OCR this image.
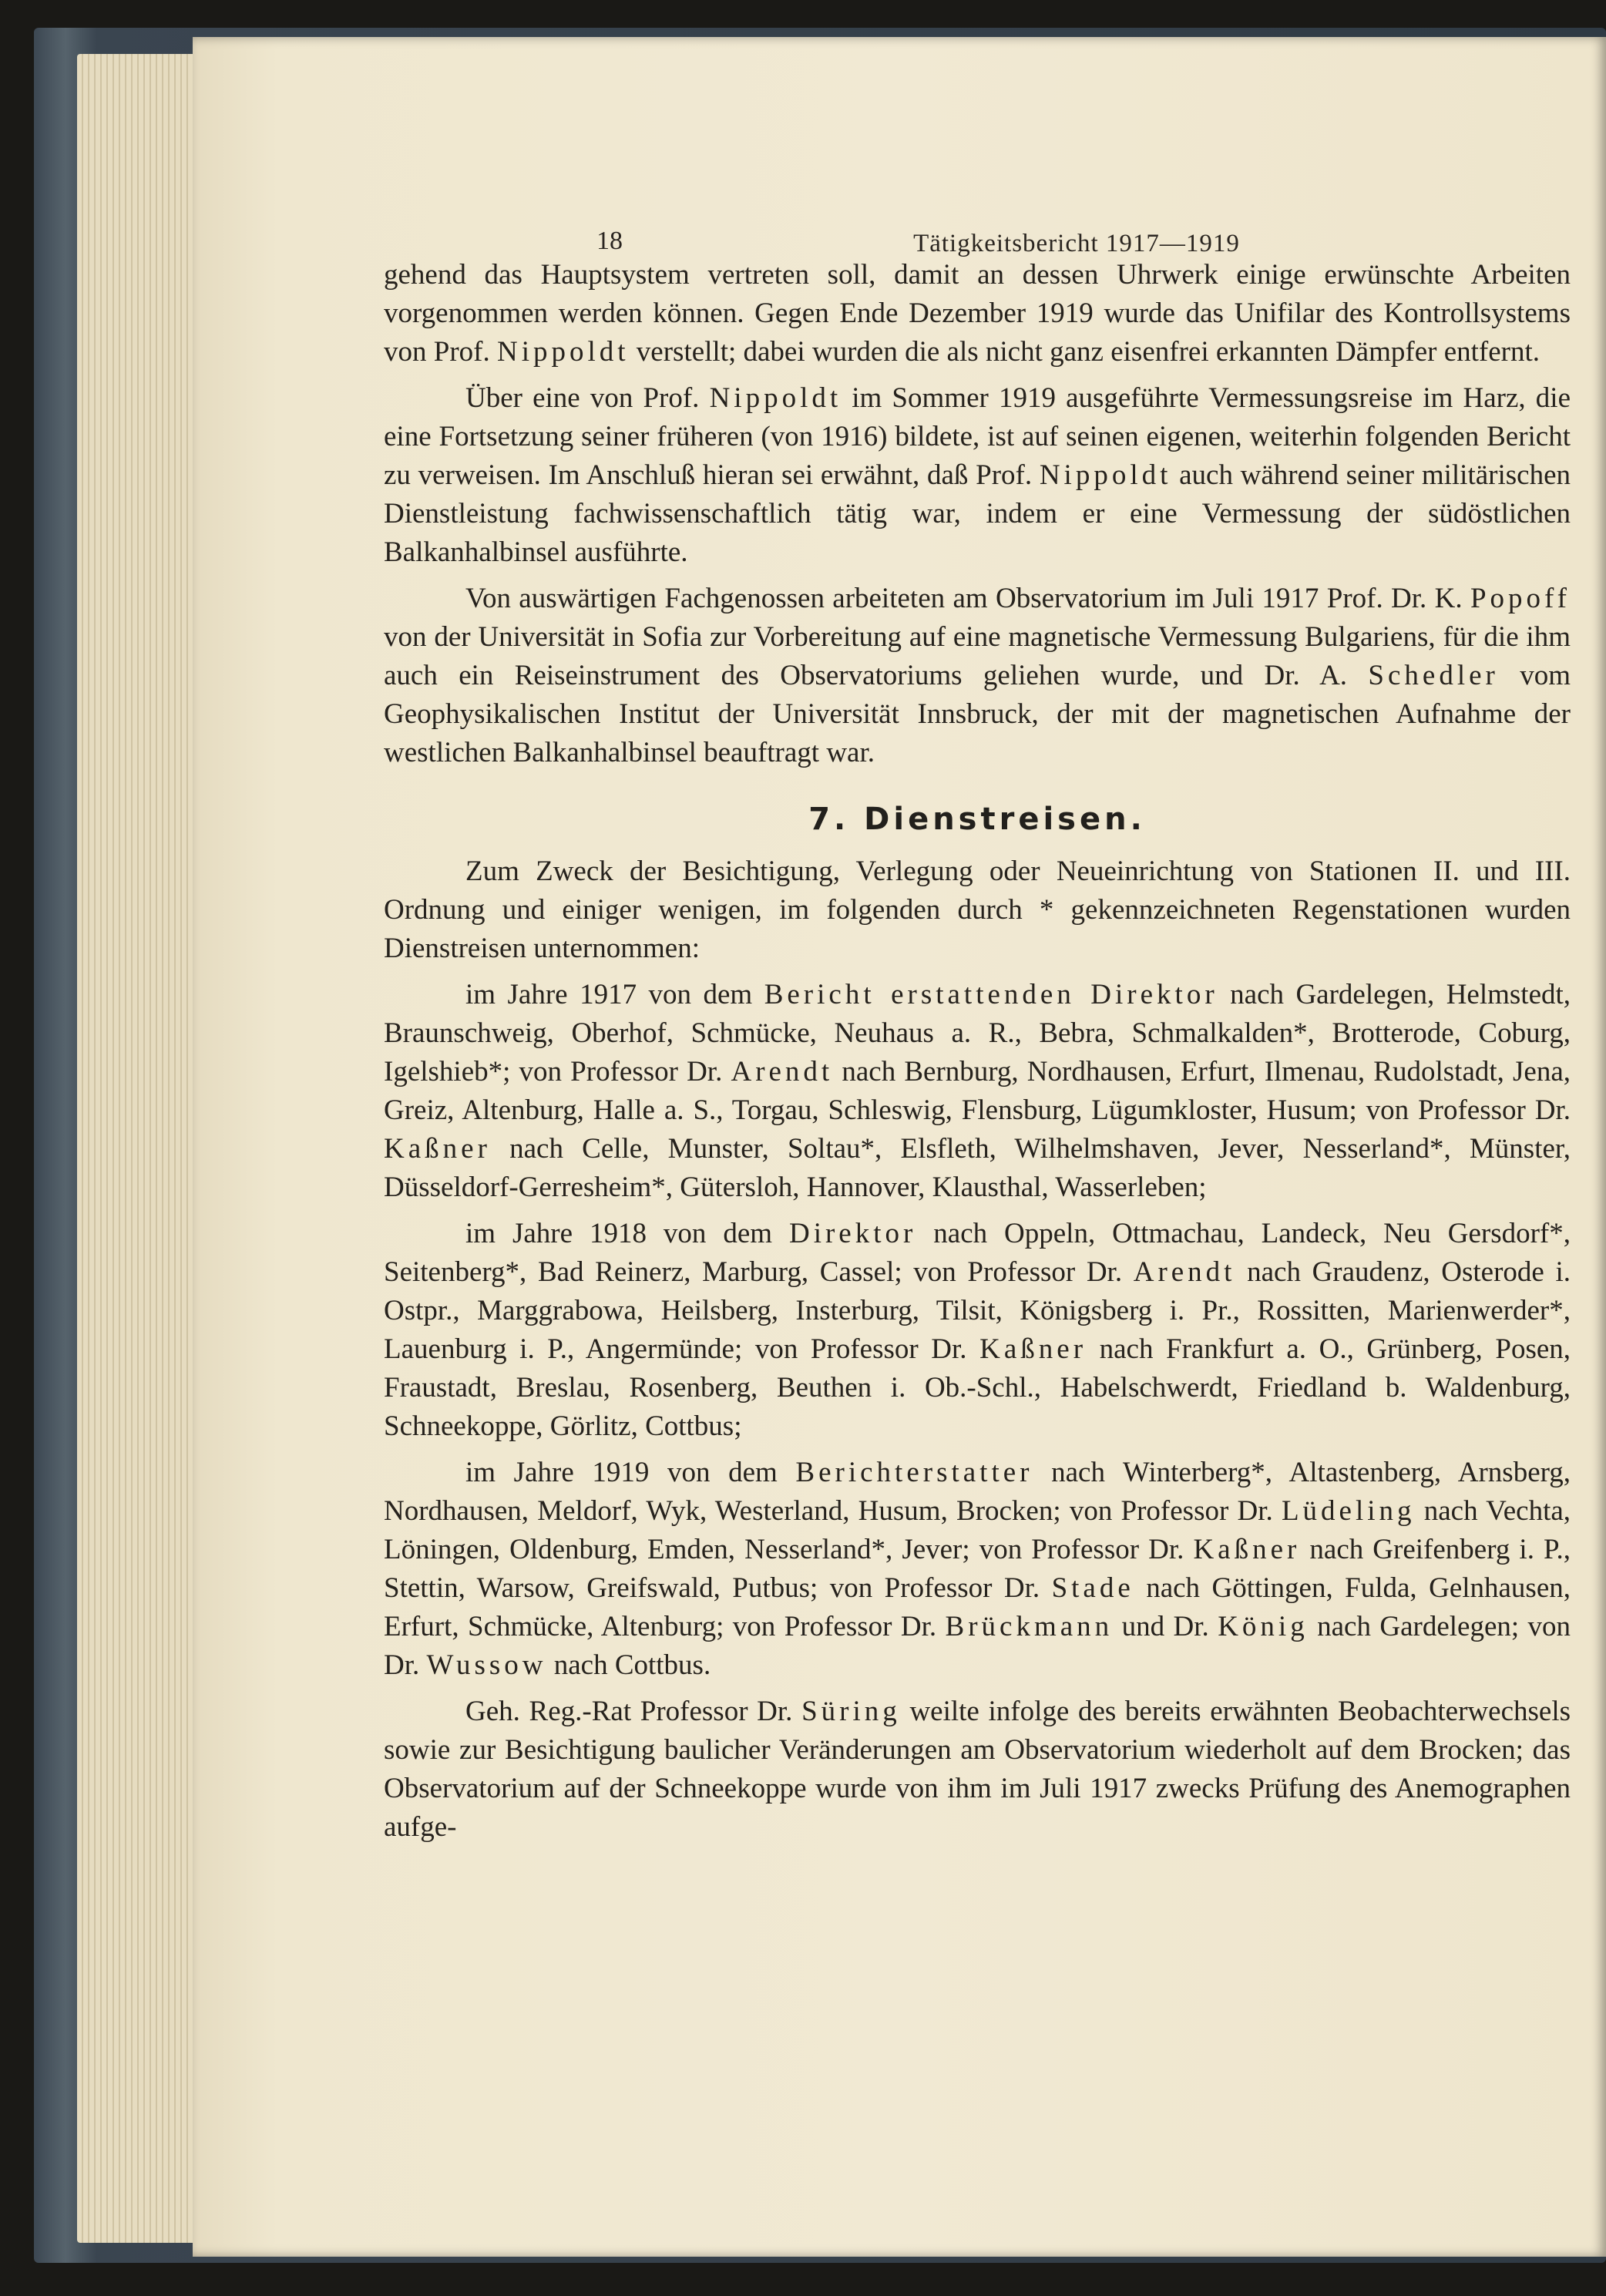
18	Tätigkeitsbericht 1917—1919

gehend das Hauptsystem vertreten soll, damit an dessen Uhrwerk einige erwünschte Arbeiten vorgenommen werden können. Gegen Ende Dezember 1919 wurde das Unifilar des Kontrollsystems von Prof. Nippoldt verstellt; dabei wurden die als nicht ganz eisenfrei erkannten Dämpfer entfernt.

Über eine von Prof. Nippoldt im Sommer 1919 ausgeführte Vermessungsreise im Harz, die eine Fortsetzung seiner früheren (von 1916) bildete, ist auf seinen eigenen, weiterhin folgenden Bericht zu verweisen. Im Anschluß hieran sei erwähnt, daß Prof. Nippoldt auch während seiner militärischen Dienstleistung fachwissenschaftlich tätig war, indem er eine Vermessung der südöstlichen Balkanhalbinsel ausführte.

Von auswärtigen Fachgenossen arbeiteten am Observatorium im Juli 1917 Prof. Dr. K. Popoff von der Universität in Sofia zur Vorbereitung auf eine magnetische Vermessung Bulgariens, für die ihm auch ein Reiseinstrument des Observatoriums geliehen wurde, und Dr. A. Schedler vom Geophysikalischen Institut der Universität Innsbruck, der mit der magnetischen Aufnahme der westlichen Balkanhalbinsel beauftragt war.

7. Dienstreisen.

Zum Zweck der Besichtigung, Verlegung oder Neueinrichtung von Stationen II. und III. Ordnung und einiger wenigen, im folgenden durch * gekennzeichneten Regenstationen wurden Dienstreisen unternommen:

im Jahre 1917 von dem Bericht erstattenden Direktor nach Gardelegen, Helmstedt, Braunschweig, Oberhof, Schmücke, Neuhaus a. R., Bebra, Schmalkalden*, Brotterode, Coburg, Igelshieb*; von Professor Dr. Arendt nach Bernburg, Nordhausen, Erfurt, Ilmenau, Rudolstadt, Jena, Greiz, Altenburg, Halle a. S., Torgau, Schleswig, Flensburg, Lügumkloster, Husum; von Professor Dr. Kaßner nach Celle, Munster, Soltau*, Elsfleth, Wilhelmshaven, Jever, Nesserland*, Münster, Düsseldorf-Gerresheim*, Gütersloh, Hannover, Klausthal, Wasserleben;

im Jahre 1918 von dem Direktor nach Oppeln, Ottmachau, Landeck, Neu Gersdorf*, Seitenberg*, Bad Reinerz, Marburg, Cassel; von Professor Dr. Arendt nach Graudenz, Osterode i. Ostpr., Marggrabowa, Heilsberg, Insterburg, Tilsit, Königsberg i. Pr., Rossitten, Marienwerder*, Lauenburg i. P., Angermünde; von Professor Dr. Kaßner nach Frankfurt a. O., Grünberg, Posen, Fraustadt, Breslau, Rosenberg, Beuthen i. Ob.-Schl., Habelschwerdt, Friedland b. Waldenburg, Schneekoppe, Görlitz, Cottbus;

im Jahre 1919 von dem Berichterstatter nach Winterberg*, Altastenberg, Arnsberg, Nordhausen, Meldorf, Wyk, Westerland, Husum, Brocken; von Professor Dr. Lüdeling nach Vechta, Löningen, Oldenburg, Emden, Nesserland*, Jever; von Professor Dr. Kaßner nach Greifenberg i. P., Stettin, Warsow, Greifswald, Putbus; von Professor Dr. Stade nach Göttingen, Fulda, Gelnhausen, Erfurt, Schmücke, Altenburg; von Professor Dr. Brückmann und Dr. König nach Gardelegen; von Dr. Wussow nach Cottbus.

Geh. Reg.-Rat Professor Dr. Süring weilte infolge des bereits erwähnten Beobachterwechsels sowie zur Besichtigung baulicher Veränderungen am Observatorium wiederholt auf dem Brocken; das Observatorium auf der Schneekoppe wurde von ihm im Juli 1917 zwecks Prüfung des Anemographen aufge-
